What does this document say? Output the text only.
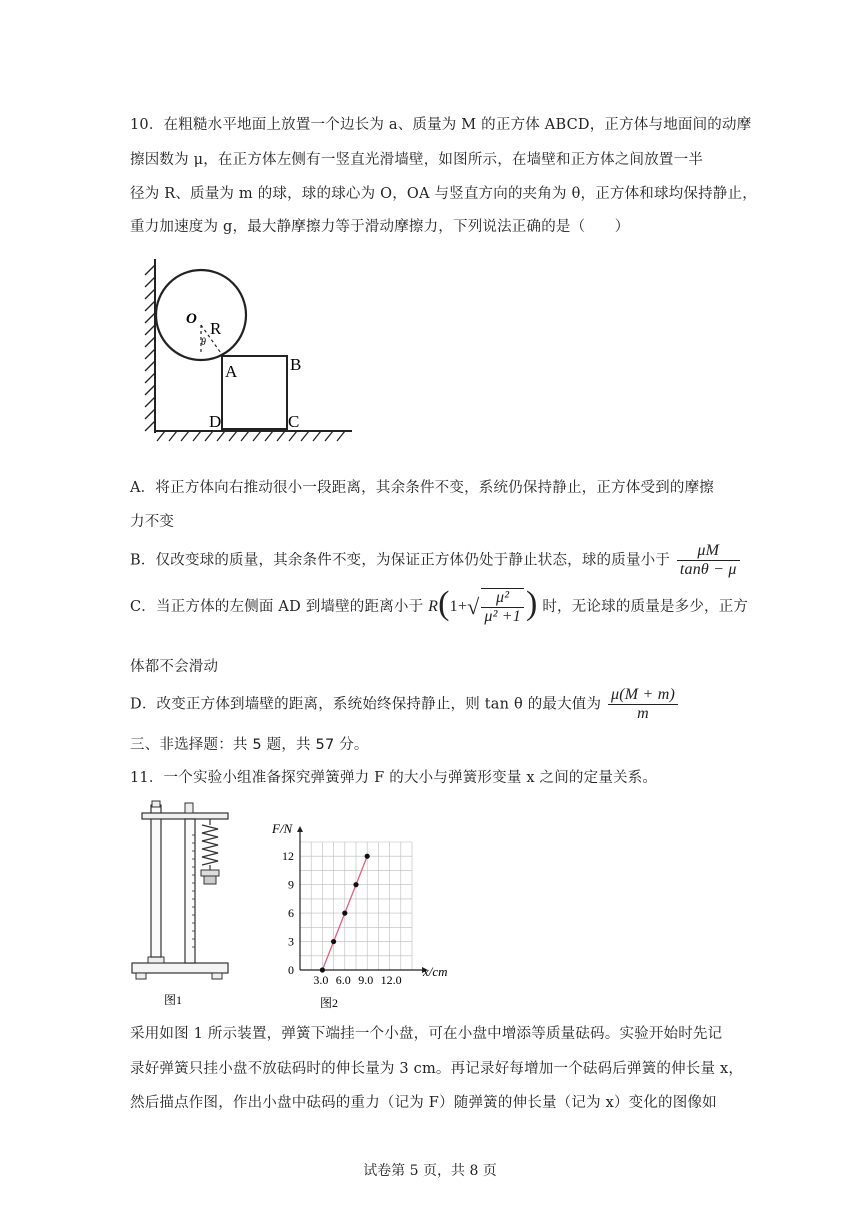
10．在粗糙水平地面上放置一个边长为 a、质量为 M 的正方体 ABCD，正方体与地面间的动摩
擦因数为 μ，在正方体左侧有一竖直光滑墙壁，如图所示，在墙壁和正方体之间放置一半
径为 R、质量为 m 的球，球的球心为 O，OA 与竖直方向的夹角为 θ，正方体和球均保持静止，
重力加速度为 g，最大静摩擦力等于滑动摩擦力，下列说法正确的是（　　）
O R
θ
A	B
C
D
A．将正方体向右推动很小一段距离，其余条件不变，系统仍保持静止，正方体受到的摩擦
力不变
B．仅改变球的质量，其余条件不变，为保证正方体仍处于静止状态，球的质量小于 $\frac{\mu M}{\tan\theta - \mu}$
C．当正方体的左侧面 AD 到墙壁的距离小于 $R(1+√ \frac{\text{μ²}}{\text{μ² +1}}$ ) 时，无论球的质量是多少，正方
体都不会滑动
D．改变正方体到墙壁的距离，系统始终保持静止，则 tan θ 的最大值为 $\frac{\mu(M + m)}{m}$
三、非选择题：共 5 题，共 57 分。
11．一个实验小组准备探究弹簧弹力 F 的大小与弹簧形变量 x 之间的定量关系。
图1
3.0 6.0 9.0 12.0
3
6
9
12
0	x/cm
F/N
图2
采用如图 1 所示装置，弹簧下端挂一个小盘，可在小盘中增添等质量砝码。实验开始时先记
录好弹簧只挂小盘不放砝码时的伸长量为 3 cm。再记录好每增加一个砝码后弹簧的伸长量 x，
然后描点作图，作出小盘中砝码的重力（记为 F）随弹簧的伸长量（记为 x）变化的图像如
试卷第 5 页，共 8 页
